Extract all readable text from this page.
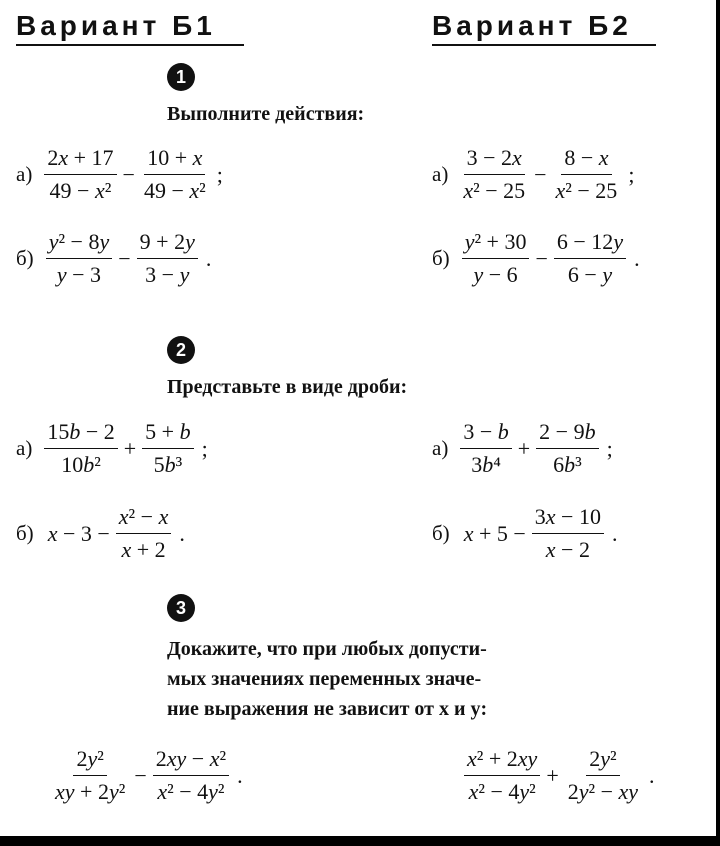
Вариант Б1	Вариант Б2
1
Выполните действия:
$а) \frac{2x + 17}{\text{49 − x²}} - \frac{10 + x}{\text{49 − x²}}$ ;
$б) \frac{\text{y² − 8y}}{y - 3} - \frac{9 + 2y}{3 - y}$ .
$а) \frac{3 - 2x}{\text{x² − 25}} - \frac{8 - x}{\text{x² − 25}}$ ;
$б) \frac{\text{y² + 30}}{y - 6} - \frac{6 - 12y}{6 - y}$ .
2
Представьте в виде дроби:
$а) \frac{15b - 2}{\text{10b²}} + \frac{5 + b}{\text{5b³}}$ ;
б) $x - 3 - \frac{\text{x² − x}}{x + 2}$ .
$а) \frac{3 - b}{\text{3b⁴}} + \frac{2 - 9b}{\text{6b³}}$ ;
б) $x + 5 - \frac{3x - 10}{x - 2}$ .
3
Докажите, что при любых допусти-
мых значениях переменных значе-
ние выражения не зависит от x и y:
$\frac{\text{2y²}}{\text{xy + 2y²}} - \frac{\text{2xy − x²}}{\text{x² − 4y²}}$ .	$\frac{\text{x² + 2xy}}{\text{x² − 4y²}} + \frac{\text{2y²}}{\text{2y² − xy}}$ .
